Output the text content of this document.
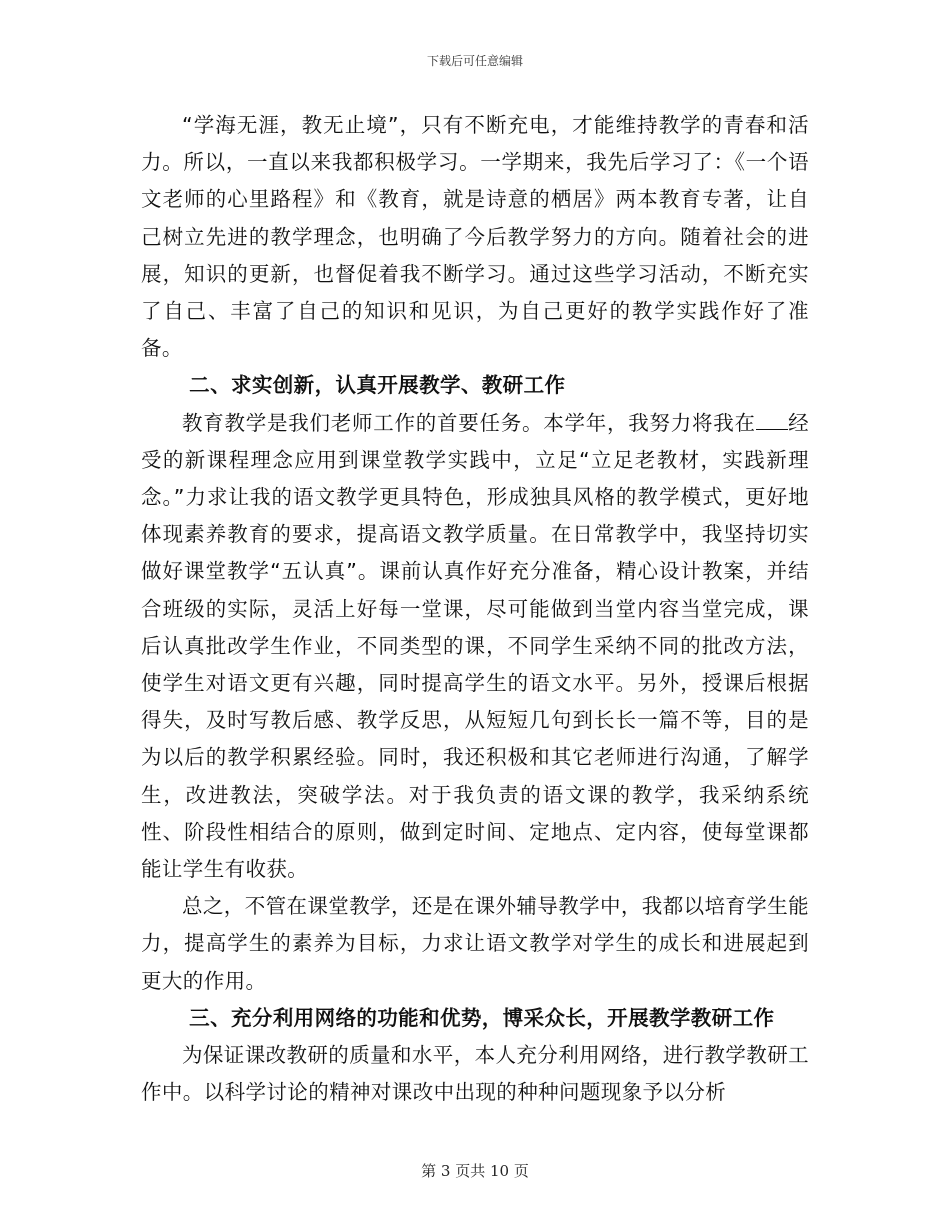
下载后可任意编辑

“学海无涯，教无止境”，只有不断充电，才能维持教学的青春和活力。所以，一直以来我都积极学习。一学期来，我先后学习了：《一个语文老师的心里路程》和《教育，就是诗意的栖居》两本教育专著，让自己树立先进的教学理念，也明确了今后教学努力的方向。随着社会的进展，知识的更新，也督促着我不断学习。通过这些学习活动，不断充实了自己、丰富了自己的知识和见识，为自己更好的教学实践作好了准备。

二、求实创新，认真开展教学、教研工作

教育教学是我们老师工作的首要任务。本学年，我努力将我在 经受的新课程理念应用到课堂教学实践中，立足“立足老教材，实践新理念。”力求让我的语文教学更具特色，形成独具风格的教学模式，更好地体现素养教育的要求，提高语文教学质量。在日常教学中，我坚持切实做好课堂教学“五认真”。课前认真作好充分准备，精心设计教案，并结合班级的实际，灵活上好每一堂课，尽可能做到当堂内容当堂完成，课后认真批改学生作业，不同类型的课，不同学生采纳不同的批改方法，使学生对语文更有兴趣，同时提高学生的语文水平。另外，授课后根据得失，及时写教后感、教学反思，从短短几句到长长一篇不等，目的是为以后的教学积累经验。同时，我还积极和其它老师进行沟通，了解学生，改进教法，突破学法。对于我负责的语文课的教学，我采纳系统性、阶段性相结合的原则，做到定时间、定地点、定内容，使每堂课都能让学生有收获。

总之，不管在课堂教学，还是在课外辅导教学中，我都以培育学生能力，提高学生的素养为目标，力求让语文教学对学生的成长和进展起到更大的作用。

三、充分利用网络的功能和优势，博采众长，开展教学教研工作

为保证课改教研的质量和水平，本人充分利用网络，进行教学教研工作中。以科学讨论的精神对课改中出现的种种问题现象予以分析

第 3 页共 10 页
